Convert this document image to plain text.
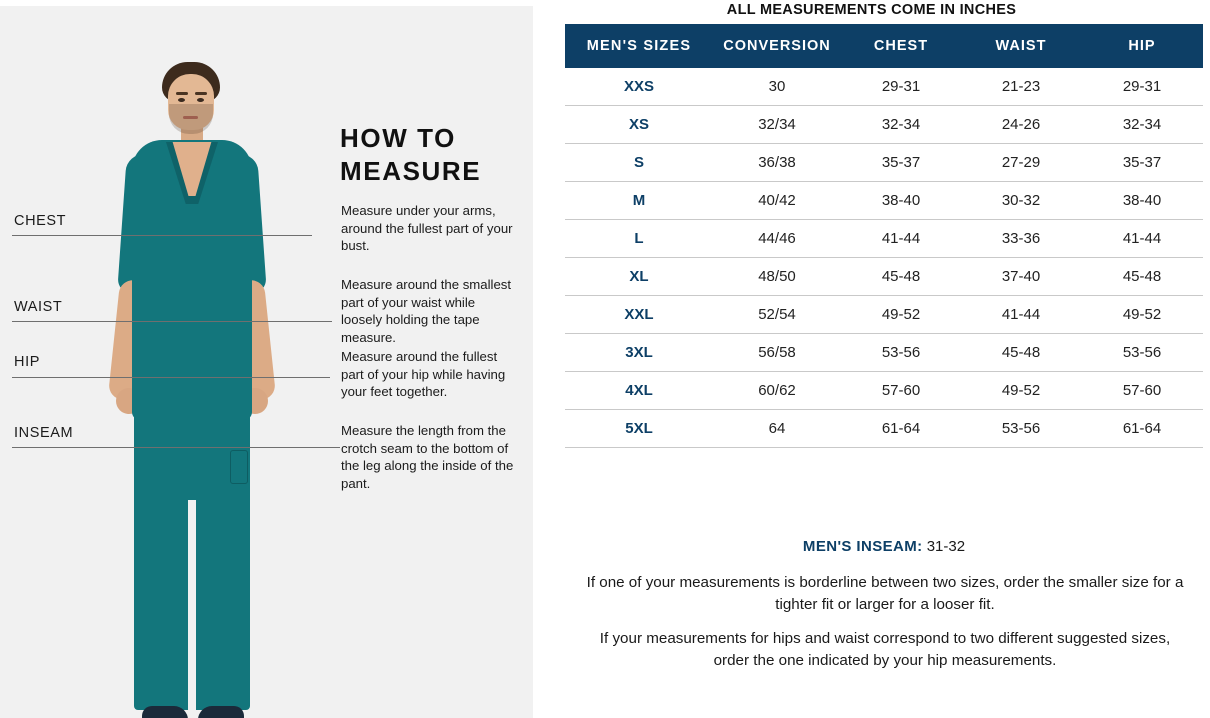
HOW TO MEASURE
CHEST
WAIST
HIP
INSEAM
Measure under your arms, around the fullest part of your bust.
Measure around the smallest part of your waist while loosely holding the tape measure.
Measure around the fullest part of your hip while having your feet together.
Measure the length from the crotch seam to the bottom of the leg along the inside of the pant.
ALL MEASUREMENTS COME IN INCHES
MEN'S SIZES	CONVERSION	CHEST	WAIST	HIP
XXS	30	29-31	21-23	29-31
XS	32/34	32-34	24-26	32-34
S	36/38	35-37	27-29	35-37
M	40/42	38-40	30-32	38-40
L	44/46	41-44	33-36	41-44
XL	48/50	45-48	37-40	45-48
XXL	52/54	49-52	41-44	49-52
3XL	56/58	53-56	45-48	53-56
4XL	60/62	57-60	49-52	57-60
5XL	64	61-64	53-56	61-64
MEN'S INSEAM: 31-32
If one of your measurements is borderline between two sizes, order the smaller size for a tighter fit or larger for a looser fit.
If your measurements for hips and waist correspond to two different suggested sizes, order the one indicated by your hip measurements.
